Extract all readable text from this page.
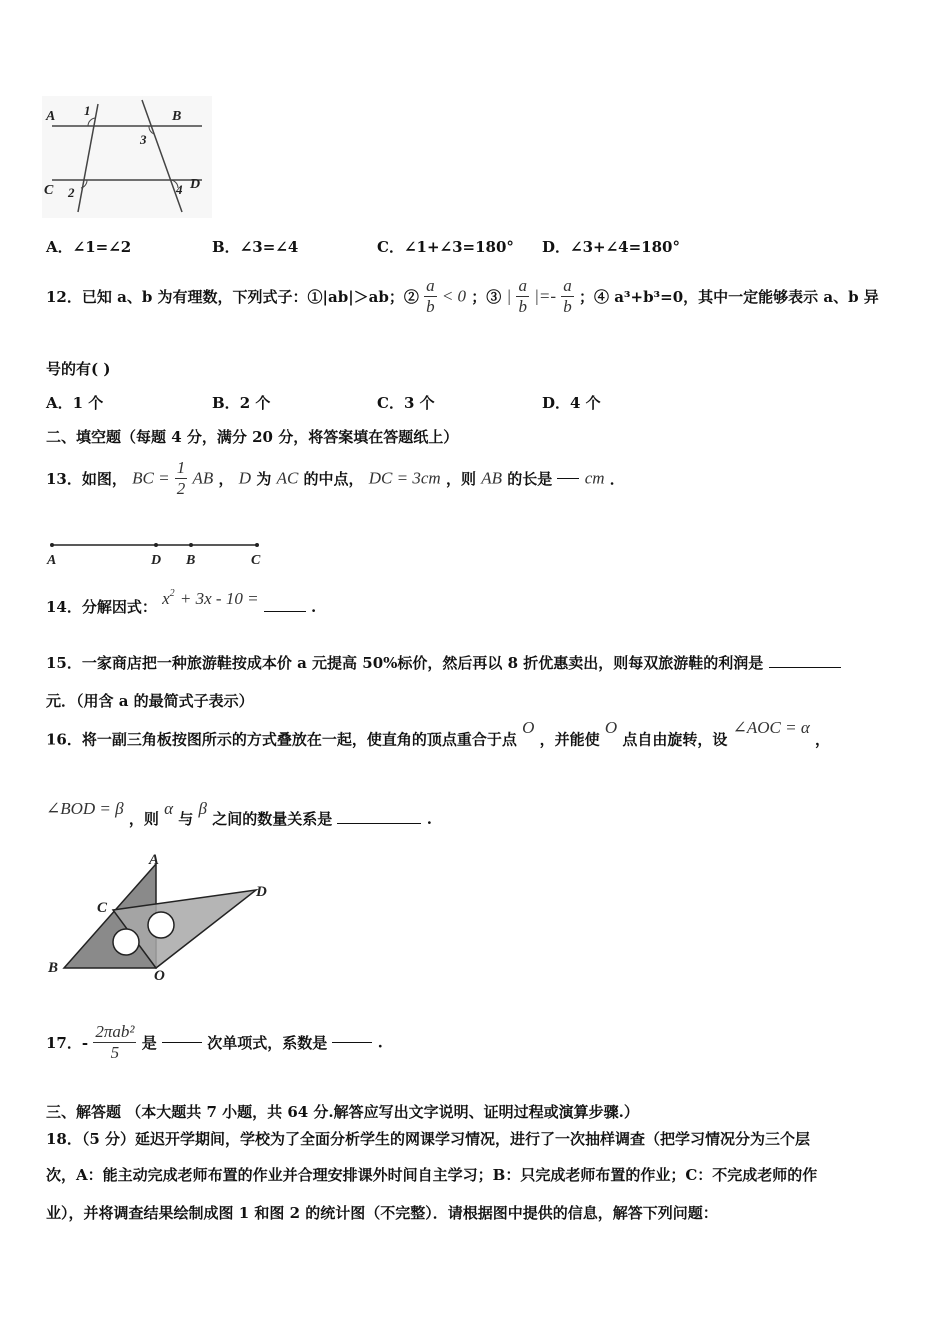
A	B
C	D
1
2
3
4
A．∠1=∠2	B．∠3=∠4	C．∠1+∠3=180° D．∠3+∠4=180°
12．已知 a、b 为有理数，下列式子：①|ab|＞ab；② $\frac{a}{b} < 0$ ；③ | $\frac{a}{b}$ |=- $\frac{a}{b}$ ；④ a³+b³=0，其中一定能够表示 a、b 异
号的有( )
A．1 个	B．2 个	C．3 个	D．4 个
二、填空题（每题 4 分，满分 20 分，将答案填在答题纸上）
13．如图， BC = $\frac{1}{2}$ AB ， D 为 AC 的中点， DC = 3cm ，则 AB 的长是 cm ．
A	D B	C
14．分解因式： $x^2 + 3x - 10$ =	.
15．一家商店把一种旅游鞋按成本价 a 元提高 50%标价，然后再以 8 折优惠卖出，则每双旅游鞋的利润是
元．（用含 a 的最简式子表示）
16．将一副三角板按图所示的方式叠放在一起，使直角的顶点重合于点 O ，并能使 O 点自由旋转，设 ∠AOC = α ，
∠BOD = β ，则 α 与 β 之间的数量关系是	.
A
D
C
B	O
17．- $\frac{\text{2πab²}}{5}$ 是	次单项式，系数是	.
三、解答题 （本大题共 7 小题，共 64 分.解答应写出文字说明、证明过程或演算步骤.）
18．（5 分）延迟开学期间，学校为了全面分析学生的网课学习情况，进行了一次抽样调查（把学习情况分为三个层
次，A：能主动完成老师布置的作业并合理安排课外时间自主学习；B：只完成老师布置的作业；C：不完成老师的作
业），并将调查结果绘制成图 1 和图 2 的统计图（不完整）．请根据图中提供的信息，解答下列问题：
